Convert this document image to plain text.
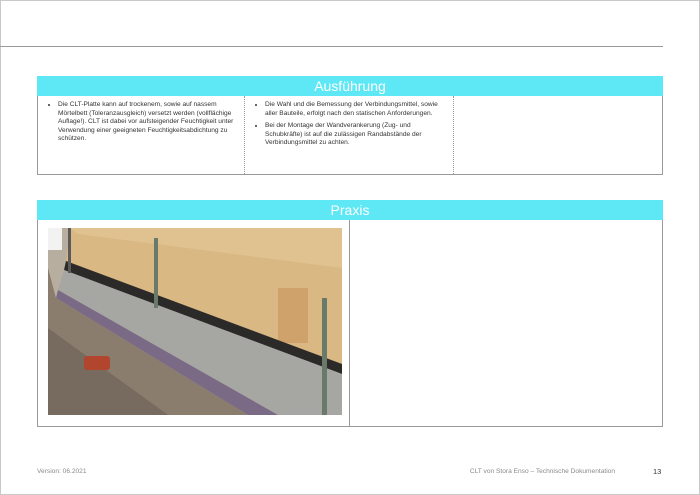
Ausführung
• Die CLT-Platte kann auf trockenem, sowie auf nassem Mörtelbett (Toleranzausgleich) versetzt werden (vollflächige Auflage!). CLT ist dabei vor aufsteigender Feuchtigkeit unter Verwendung einer geeigneten Feuchtigkeitsabdichtung zu schützen.
• Die Wahl und die Bemessung der Verbindungsmittel, sowie aller Bauteile, erfolgt nach den statischen Anforderungen.
• Bei der Montage der Wandverankerung (Zug- und Schubkräfte) ist auf die zulässigen Randabstände der Verbindungsmittel zu achten.
Praxis
Version: 06.2021	CLT von Stora Enso – Technische Dokumentation	13
